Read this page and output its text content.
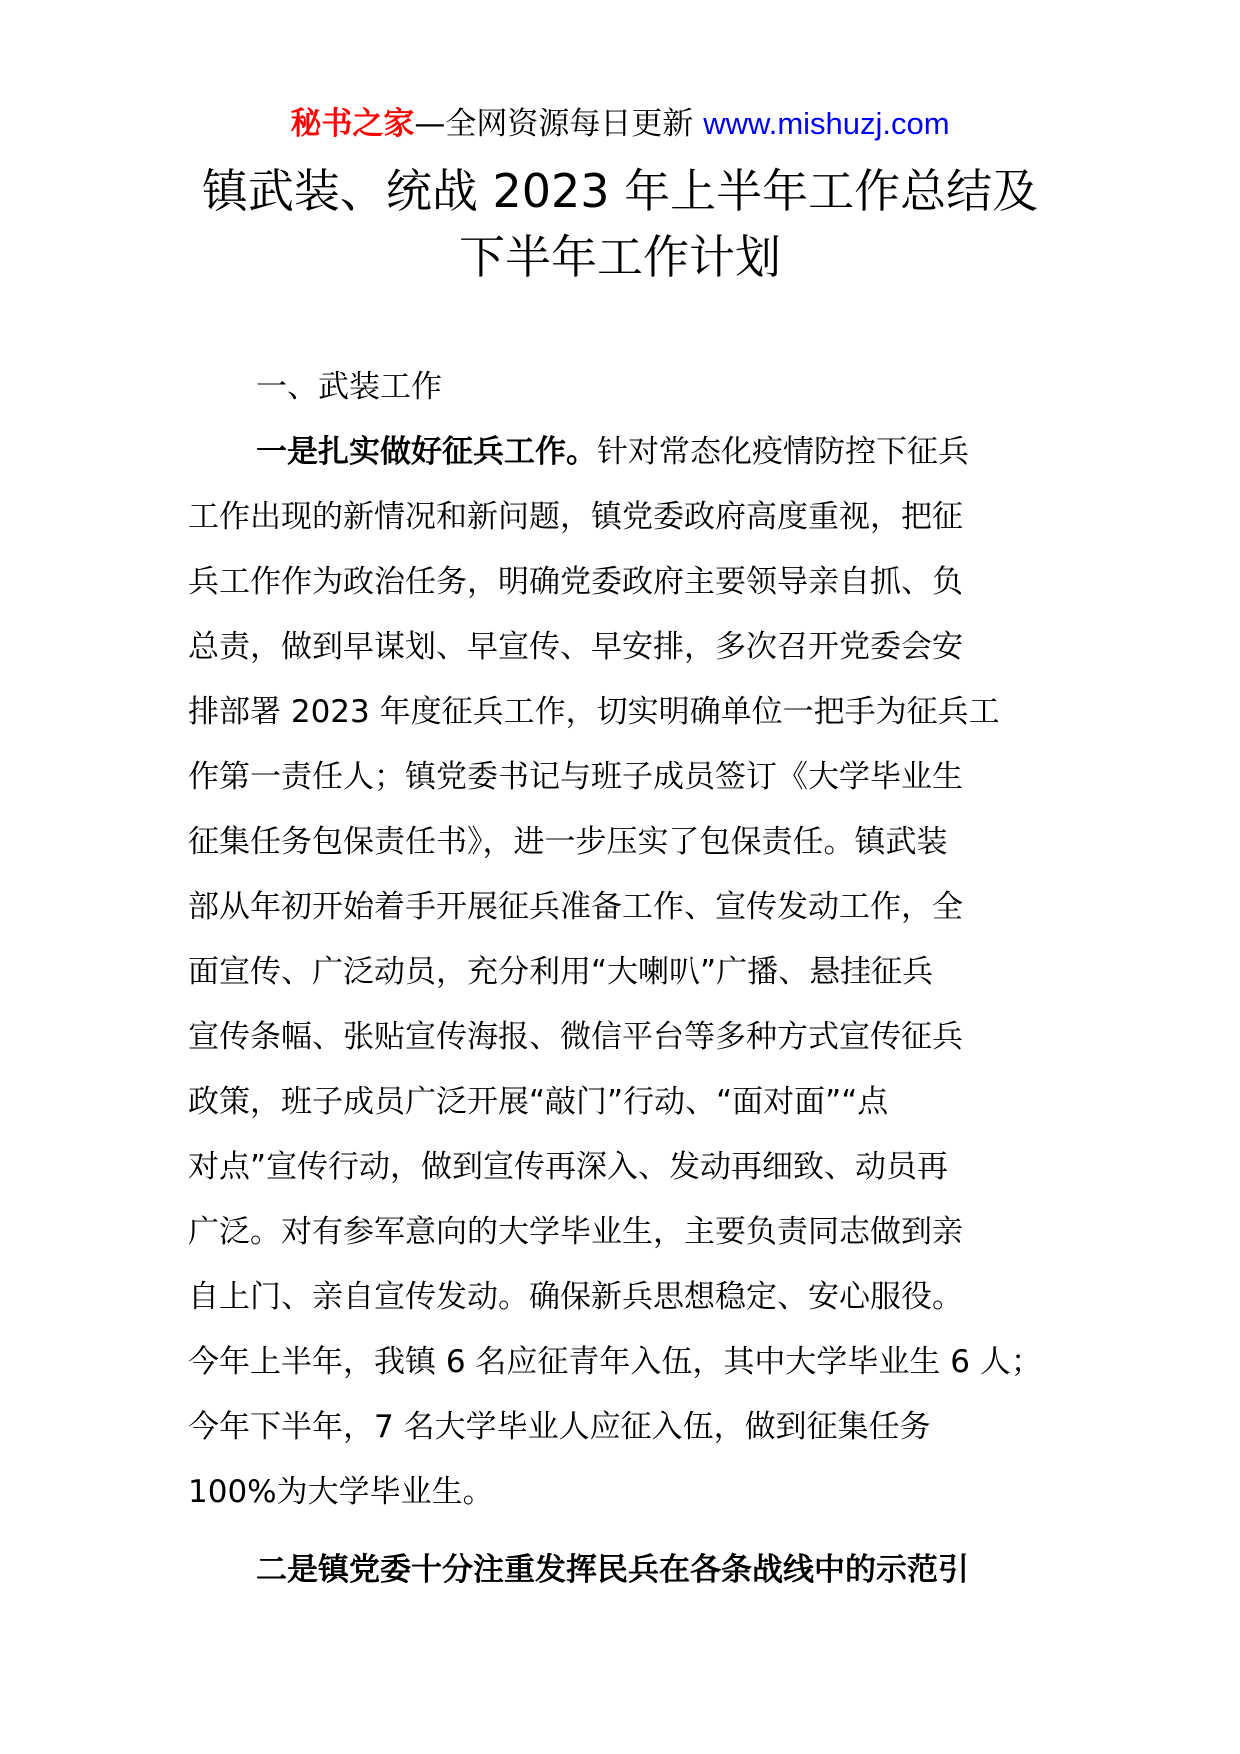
秘书之家—全网资源每日更新 www.mishuzj.com
镇武装、统战 2023 年上半年工作总结及
下半年工作计划
一、武装工作
一是扎实做好征兵工作。针对常态化疫情防控下征兵
工作出现的新情况和新问题，镇党委政府高度重视，把征
兵工作作为政治任务，明确党委政府主要领导亲自抓、负
总责，做到早谋划、早宣传、早安排，多次召开党委会安
排部署 2023 年度征兵工作，切实明确单位一把手为征兵工
作第一责任人；镇党委书记与班子成员签订《大学毕业生
征集任务包保责任书》，进一步压实了包保责任。镇武装
部从年初开始着手开展征兵准备工作、宣传发动工作，全
面宣传、广泛动员，充分利用“大喇叭”广播、悬挂征兵
宣传条幅、张贴宣传海报、微信平台等多种方式宣传征兵
政策，班子成员广泛开展“敲门”行动、“面对面”“点
对点”宣传行动，做到宣传再深入、发动再细致、动员再
广泛。对有参军意向的大学毕业生，主要负责同志做到亲
自上门、亲自宣传发动。确保新兵思想稳定、安心服役。
今年上半年，我镇 6 名应征青年入伍，其中大学毕业生 6 人；
今年下半年，7 名大学毕业人应征入伍，做到征集任务
100%为大学毕业生。
二是镇党委十分注重发挥民兵在各条战线中的示范引
